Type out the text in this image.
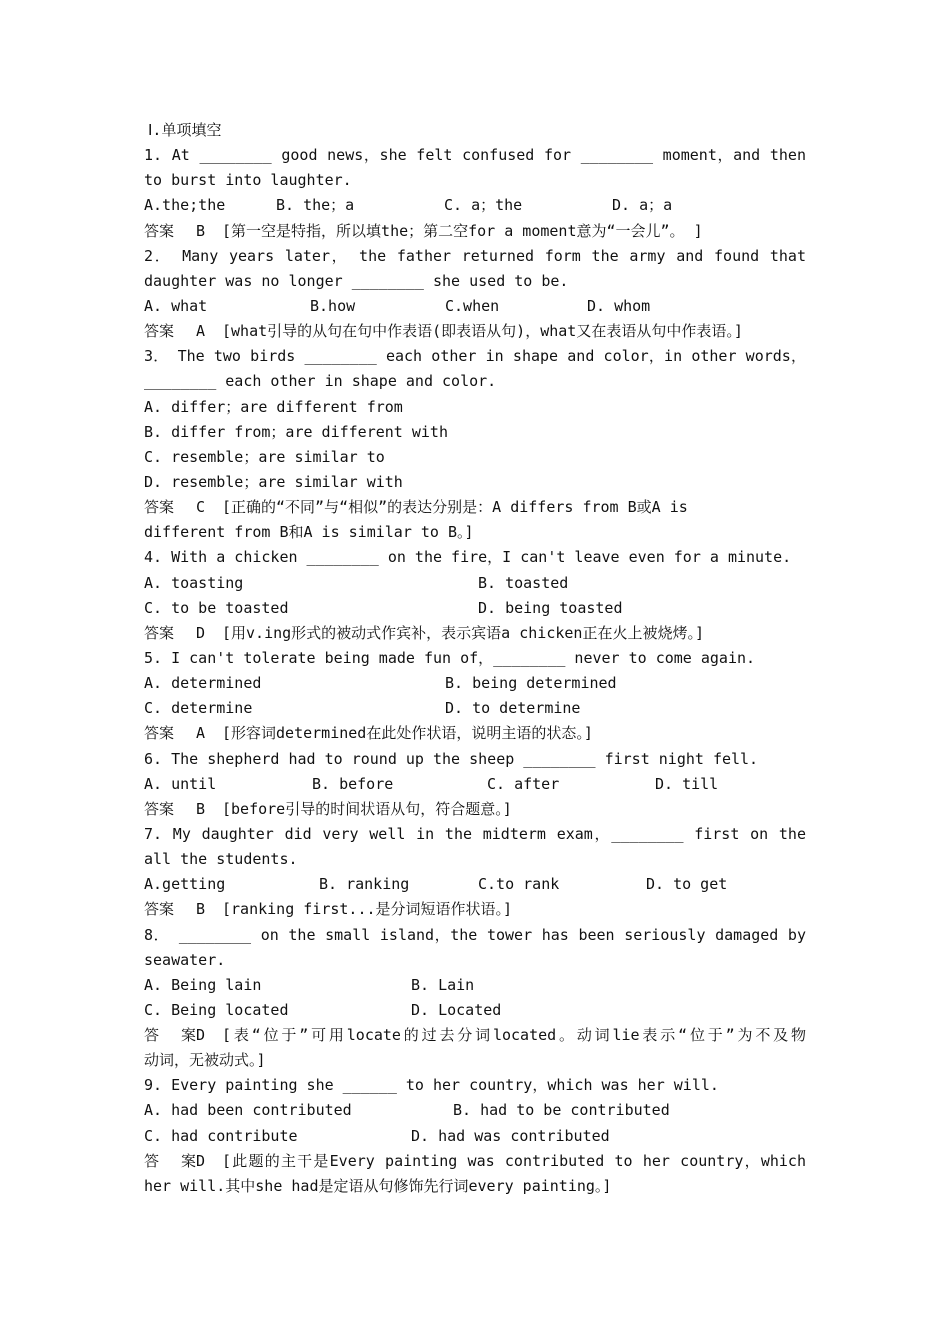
Ⅰ.单项填空
1. At ________ good news，she felt confused for ________ moment，and then
to burst into laughter.
A.the;the	B. the；a	C. a；the	D. a；a
答案 B [第一空是特指，所以填the；第二空for a moment意为“一会儿”。 ]
2． Many years later， the father returned form the army and found that
daughter was no longer ________ she used to be.
A. what	B.how	C.when	D. whom
答案 A [what引导的从句在句中作表语(即表语从句)，what又在表语从句中作表语。]
3． The two birds ________ each other in shape and color，in other words，
________ each other in shape and color.
A. differ；are different from
B. differ from；are different with
C. resemble；are similar to
D. resemble；are similar with
答案 C [正确的“不同”与“相似”的表达分别是：A differs from B或A is
different from B和A is similar to B。]
4. With a chicken ________ on the fire，I can't leave even for a minute.
A. toasting	B. toasted
C. to be toasted	D. being toasted
答案 D [用v.ing形式的被动式作宾补，表示宾语a chicken正在火上被烧烤。]
5. I can't tolerate being made fun of，________ never to come again.
A. determined	B. being determined
C. determine	D. to determine
答案 A [形容词determined在此处作状语，说明主语的状态。]
6. The shepherd had to round up the sheep ________ first night fell.
A. until	B. before	C. after	D. till
答案 B [before引导的时间状语从句，符合题意。]
7. My daughter did very well in the midterm exam，________ first on the
all the students.
A.getting	B. ranking	C.to rank	D. to get
答案 B [ranking first...是分词短语作状语。]
8． ________ on the small island，the tower has been seriously damaged by
seawater.
A. Being lain	B. Lain
C. Being located	D. Located
答案D [表“位于”可用locate的过去分词located。动词lie表示“位于”为不及物
动词，无被动式。]
9. Every painting she ______ to her country，which was her will.
A. had been contributed	B. had to be contributed
C. had contribute	D. had was contributed
答案D [此题的主干是Every painting was contributed to her country，which
her will.其中she had是定语从句修饰先行词every painting。]
